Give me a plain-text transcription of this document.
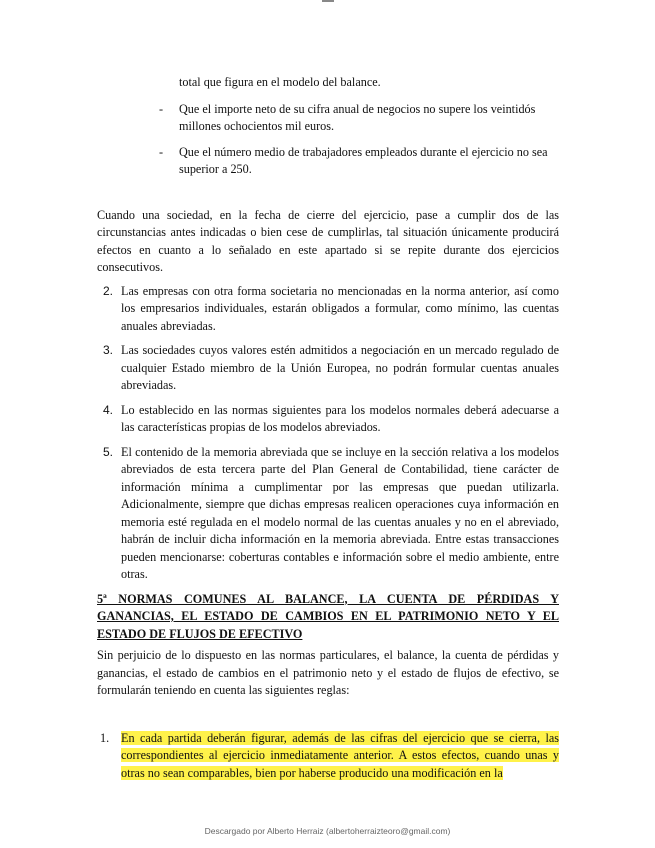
total que figura en el modelo del balance.

- Que el importe neto de su cifra anual de negocios no supere los veintidós millones ochocientos mil euros.
- Que el número medio de trabajadores empleados durante el ejercicio no sea superior a 250.

Cuando una sociedad, en la fecha de cierre del ejercicio, pase a cumplir dos de las circunstancias antes indicadas o bien cese de cumplirlas, tal situación únicamente producirá efectos en cuanto a lo señalado en este apartado si se repite durante dos ejercicios consecutivos.

2. Las empresas con otra forma societaria no mencionadas en la norma anterior, así como los empresarios individuales, estarán obligados a formular, como mínimo, las cuentas anuales abreviadas.
3. Las sociedades cuyos valores estén admitidos a negociación en un mercado regulado de cualquier Estado miembro de la Unión Europea, no podrán formular cuentas anuales abreviadas.
4. Lo establecido en las normas siguientes para los modelos normales deberá adecuarse a las características propias de los modelos abreviados.
5. El contenido de la memoria abreviada que se incluye en la sección relativa a los modelos abreviados de esta tercera parte del Plan General de Contabilidad, tiene carácter de información mínima a cumplimentar por las empresas que puedan utilizarla. Adicionalmente, siempre que dichas empresas realicen operaciones cuya información en memoria esté regulada en el modelo normal de las cuentas anuales y no en el abreviado, habrán de incluir dicha información en la memoria abreviada. Entre estas transacciones pueden mencionarse: coberturas contables e información sobre el medio ambiente, entre otras.

5ª NORMAS COMUNES AL BALANCE, LA CUENTA DE PÉRDIDAS Y GANANCIAS, EL ESTADO DE CAMBIOS EN EL PATRIMONIO NETO Y EL ESTADO DE FLUJOS DE EFECTIVO

Sin perjuicio de lo dispuesto en las normas particulares, el balance, la cuenta de pérdidas y ganancias, el estado de cambios en el patrimonio neto y el estado de flujos de efectivo, se formularán teniendo en cuenta las siguientes reglas:

1. En cada partida deberán figurar, además de las cifras del ejercicio que se cierra, las correspondientes al ejercicio inmediatamente anterior. A estos efectos, cuando unas y otras no sean comparables, bien por haberse producido una modificación en la
Descargado por Alberto Herraiz (albertoherraizteoro@gmail.com)
